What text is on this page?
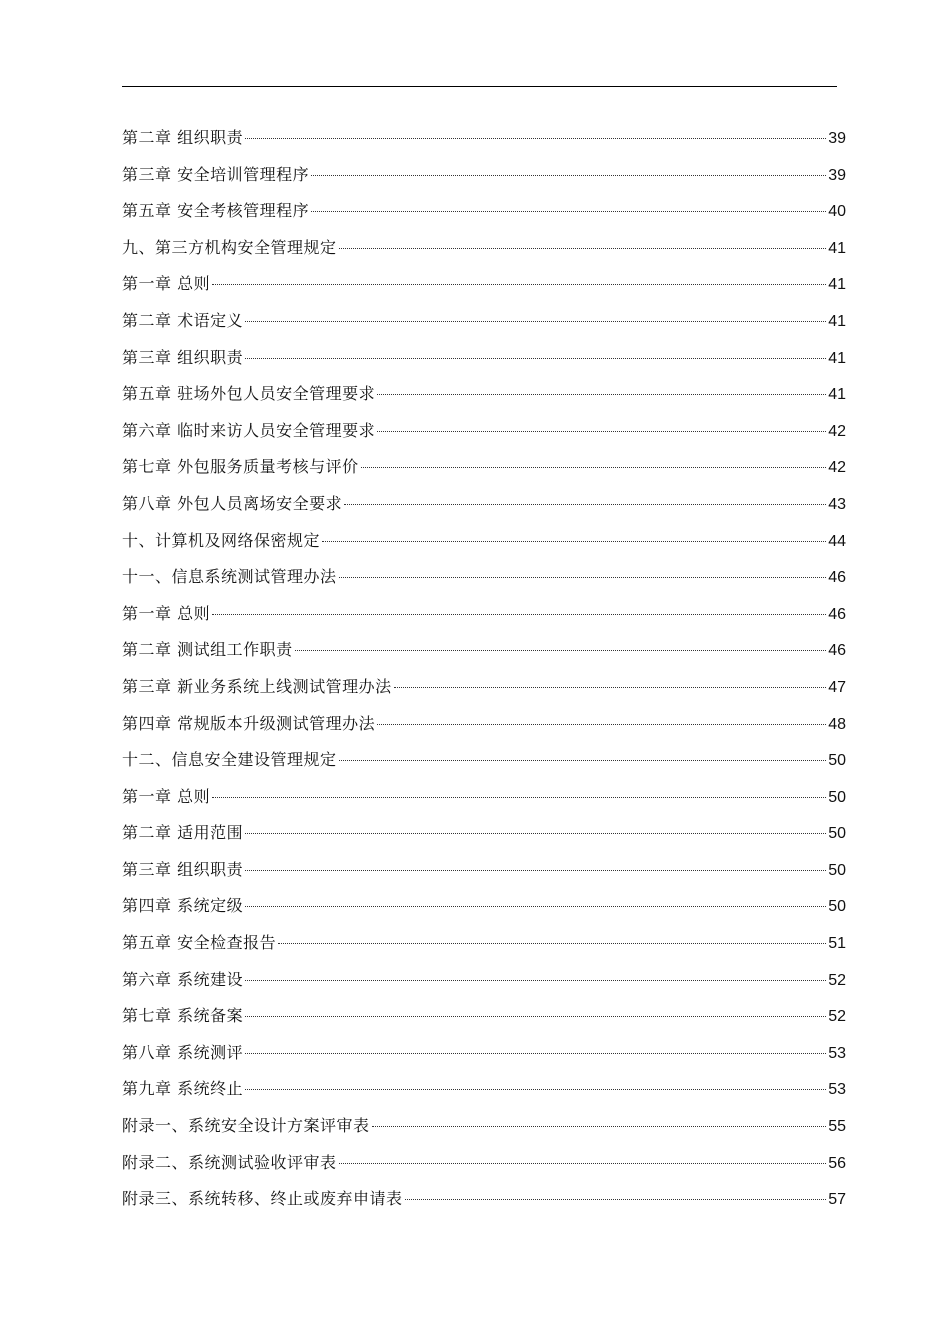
第二章 组织职责	39
第三章 安全培训管理程序	39
第五章 安全考核管理程序	40
九、第三方机构安全管理规定	41
第一章 总则	41
第二章 术语定义	41
第三章 组织职责	41
第五章 驻场外包人员安全管理要求	41
第六章 临时来访人员安全管理要求	42
第七章 外包服务质量考核与评价	42
第八章 外包人员离场安全要求	43
十、计算机及网络保密规定	44
十一、信息系统测试管理办法	46
第一章 总则	46
第二章 测试组工作职责	46
第三章 新业务系统上线测试管理办法	47
第四章 常规版本升级测试管理办法	48
十二、信息安全建设管理规定	50
第一章 总则	50
第二章 适用范围	50
第三章 组织职责	50
第四章 系统定级	50
第五章 安全检查报告	51
第六章 系统建设	52
第七章 系统备案	52
第八章 系统测评	53
第九章 系统终止	53
附录一、系统安全设计方案评审表	55
附录二、系统测试验收评审表	56
附录三、系统转移、终止或废弃申请表	57
